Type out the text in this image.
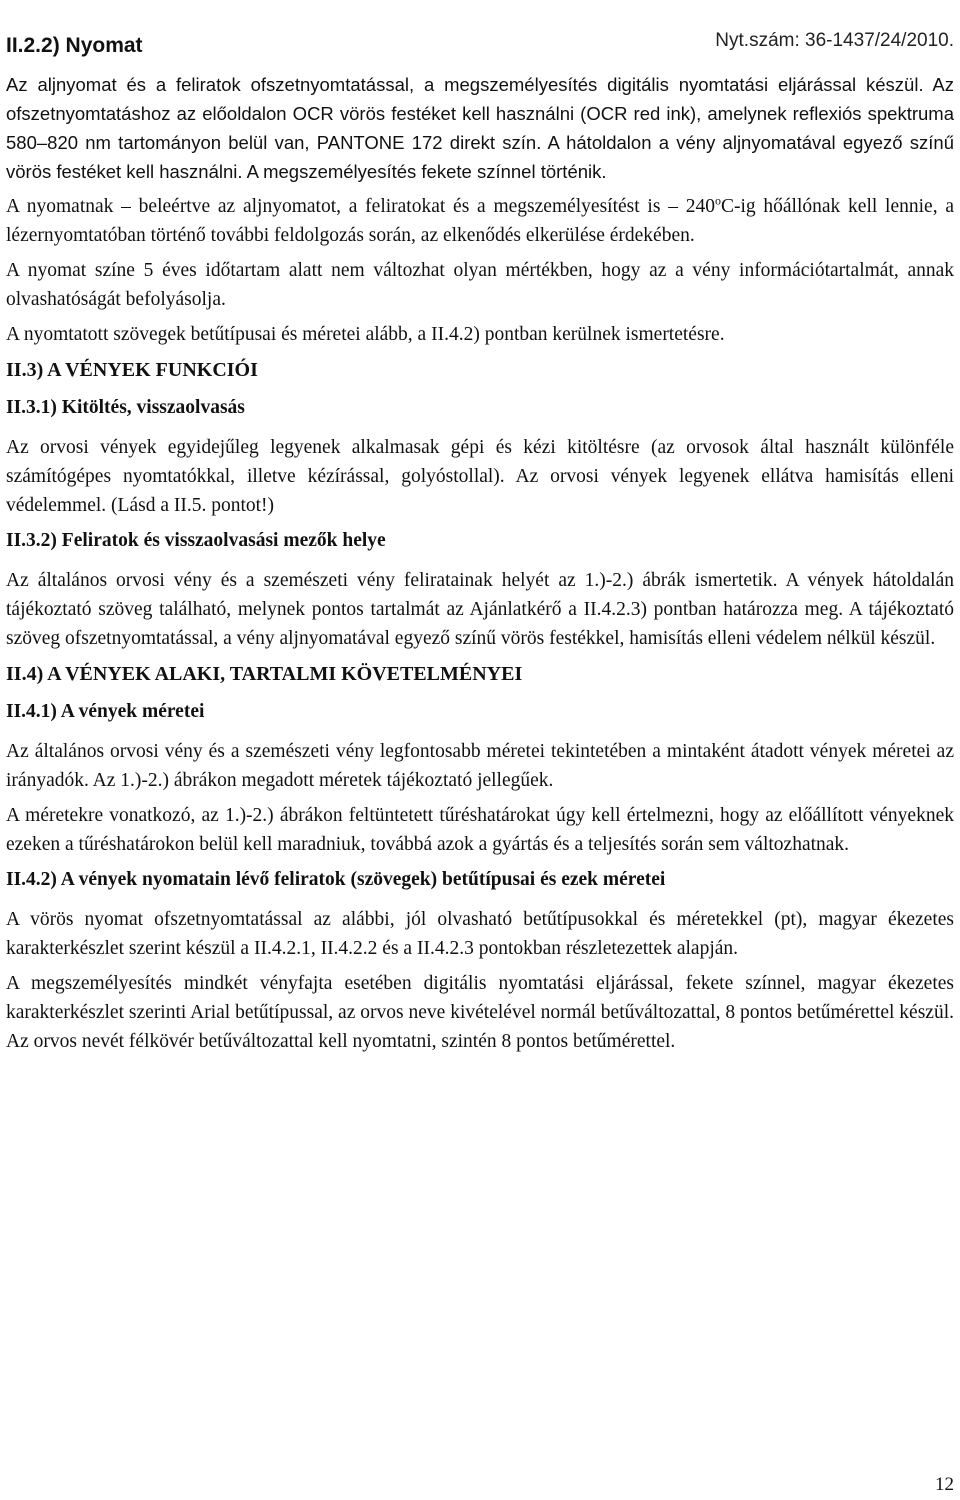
II.2.2) Nyomat	Nyt.szám: 36-1437/24/2010.

Az aljnyomat és a feliratok ofszetnyomtatással, a megszemélyesítés digitális nyomtatási eljárással készül. Az ofszetnyomtatáshoz az előoldalon OCR vörös festéket kell használni (OCR red ink), amelynek reflexiós spektruma 580–820 nm tartományon belül van, PANTONE 172 direkt szín. A hátoldalon a vény aljnyomatával egyező színű vörös festéket kell használni. A megszemélyesítés fekete színnel történik.

A nyomatnak – beleértve az aljnyomatot, a feliratokat és a megszemélyesítést is – 240$^o$C-ig hőállónak kell lennie, a lézernyomtatóban történő további feldolgozás során, az elkenődés elkerülése érdekében.

A nyomat színe 5 éves időtartam alatt nem változhat olyan mértékben, hogy az a vény információtartalmát, annak olvashatóságát befolyásolja.

A nyomtatott szövegek betűtípusai és méretei alább, a II.4.2) pontban kerülnek ismertetésre.

II.3) A VÉNYEK FUNKCIÓI
II.3.1) Kitöltés, visszaolvasás

Az orvosi vények egyidejűleg legyenek alkalmasak gépi és kézi kitöltésre (az orvosok által használt különféle számítógépes nyomtatókkal, illetve kézírással, golyóstollal). Az orvosi vények legyenek ellátva hamisítás elleni védelemmel. (Lásd a II.5. pontot!)

II.3.2) Feliratok és visszaolvasási mezők helye

Az általános orvosi vény és a szemészeti vény feliratainak helyét az 1.)-2.) ábrák ismertetik. A vények hátoldalán tájékoztató szöveg található, melynek pontos tartalmát az Ajánlatkérő a II.4.2.3) pontban határozza meg. A tájékoztató szöveg ofszetnyomtatással, a vény aljnyomatával egyező színű vörös festékkel, hamisítás elleni védelem nélkül készül.

II.4) A VÉNYEK ALAKI, TARTALMI KÖVETELMÉNYEI
II.4.1) A vények méretei

Az általános orvosi vény és a szemészeti vény legfontosabb méretei tekintetében a mintaként átadott vények méretei az irányadók. Az 1.)-2.) ábrákon megadott méretek tájékoztató jellegűek.

A méretekre vonatkozó, az 1.)-2.) ábrákon feltüntetett tűréshatárokat úgy kell értelmezni, hogy az előállított vényeknek ezeken a tűréshatárokon belül kell maradniuk, továbbá azok a gyártás és a teljesítés során sem változhatnak.

II.4.2) A vények nyomatain lévő feliratok (szövegek) betűtípusai és ezek méretei

A vörös nyomat ofszetnyomtatással az alábbi, jól olvasható betűtípusokkal és méretekkel (pt), magyar ékezetes karakterkészlet szerint készül a II.4.2.1, II.4.2.2 és a II.4.2.3 pontokban részletezettek alapján.

A megszemélyesítés mindkét vényfajta esetében digitális nyomtatási eljárással, fekete színnel, magyar ékezetes karakterkészlet szerinti Arial betűtípussal, az orvos neve kivételével normál betűváltozattal, 8 pontos betűmérettel készül. Az orvos nevét félkövér betűváltozattal kell nyomtatni, szintén 8 pontos betűmérettel.

12
